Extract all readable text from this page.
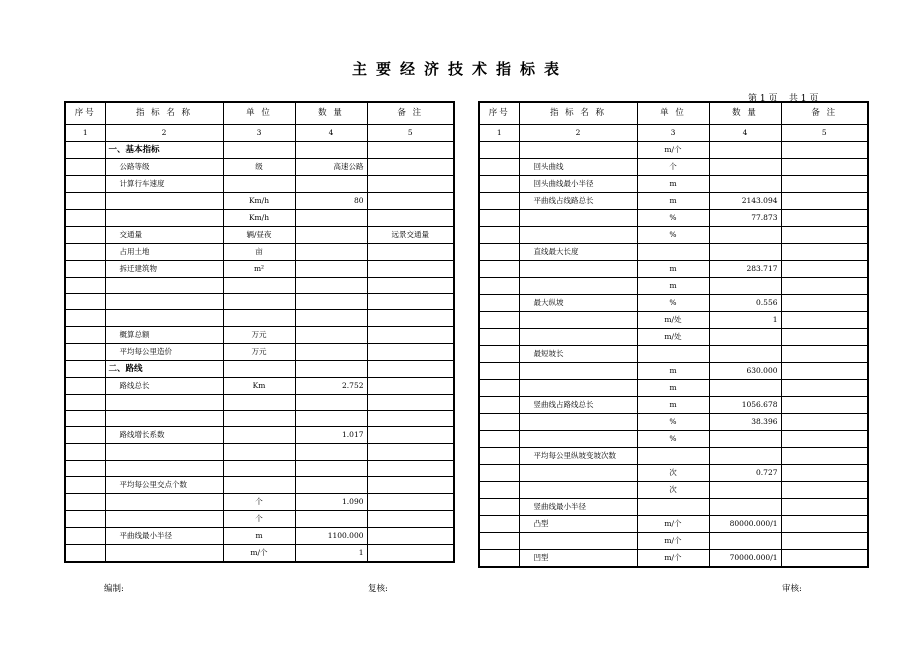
主要经济技术指标表
第 1 页    共 1 页
序号	指 标 名 称	单 位	数 量	备 注
1	2	3	4	5
	一、基本指标			
	公路等级	级	高速公路	
	计算行车速度			
		Km/h	80	
		Km/h		
	交通量	辆/昼夜		远景交通量
	占用土地	亩		
	拆迁建筑物	m²		

	概算总额	万元		
	平均每公里造价	万元		
	二、路线			
	路线总长	Km	2.752	

	路线增长系数		1.017	

	平均每公里交点个数			
		个	1.090	
		个		
	平曲线最小半径	m	1100.000	
		m/个	1	
序号	指 标 名 称	单 位	数 量	备 注
1	2	3	4	5
		m/个		
	回头曲线	个		
	回头曲线最小半径	m		
	平曲线占线路总长	m	2143.094	
		%	77.873	
		%		
	直线最大长度			
		m	283.717	
		m		
	最大纵坡	%	0.556	
		m/处	1	
		m/处		
	最短坡长			
		m	630.000	
		m		
	竖曲线占路线总长	m	1056.678	
		%	38.396	
		%		
	平均每公里纵坡变坡次数			
		次	0.727	
		次		
	竖曲线最小半径			
	凸型	m/个	80000.000/1	
		m/个		
	凹型	m/个	70000.000/1	
编制:	复核:	审核:
